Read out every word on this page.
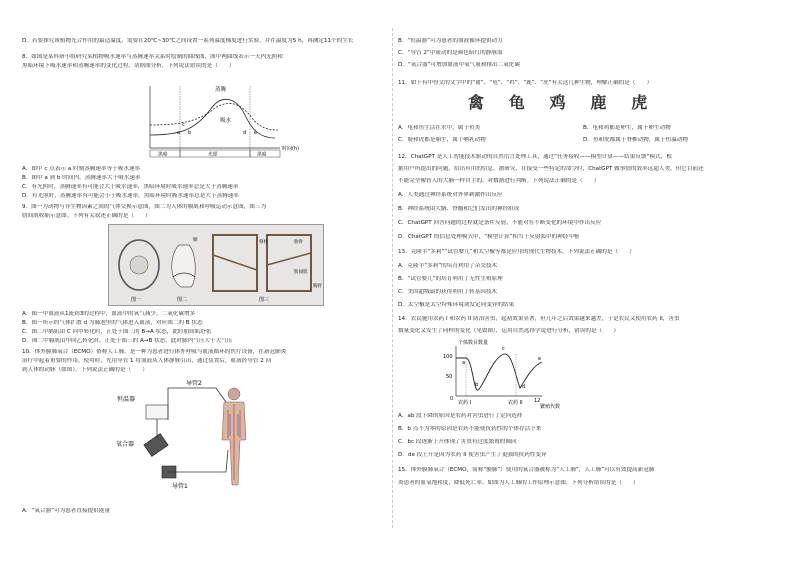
D．若要探究该植物光合作用的最适温度，需要在20℃~30℃之间设置一系列温度梯度进行实验，并在温度为5 h，再测定11个的生长
8．如图是某科研小组研究某植物吸水速率与蒸腾速率关系时绘制的曲线图，图中两曲线表示一天内光照和
黑暗环境下吸水速率和蒸腾速率的变化过程，请据图分析，下列说法错误的是（　　）
蒸腾
吸水
c
a b	d e
黑暗	光照	黑暗
时间(h)
A．图中 c 点表示 a 时刻蒸腾速率等于吸水速率
B．图中 a 到 b 时间内，蒸腾速率大于吸水速率
C．有光照时，蒸腾速率有可能会大于吸水速率，黑暗环境时吸水速率总是大于蒸腾速率
D．有光照时，蒸腾速率有可能会小于吸水速率，黑暗环境时吸水速率总是大于蒸腾速率
9．图一为动物与非生物因素之间的气体交换示意图，图二为人体的膈肌和呼吸运动示意图，图三为
肋间肌收缩示意图。下列有关叙述正确的是（　　）
图一	图二	图三
脊柱	肋骨
肋间肌
胸骨
肺
A．图一中血液从1流到3的过程中，血液中的氧气减少，二氧化碳增多
B．图一所示的气体扩散 d 为肺泡里的气体进入血液，对应图二的 B 状态
C．图二中膈肌由 C 向甲转化时，正处于图三的 B→A 状态，此时肋间肌舒张
D．图二中膈肌由甲向乙转化时，正处于图三的 A→B 状态，此时肺内气压大于大气压
10．体外膜肺氧合（ECMO）俗称人工肺，是一种为患者进行体外呼吸与血液循环的医疗设备，在新冠肺炎
治疗中起着重要的作用。使用时，先用导管 1 将血液从人体静脉引出，通过装置后，血液经导管 2 回
到人体的动脉（如图）。下列说法正确的是（　　）
恒温器
氧合器
导管2
导管1
A．“氧合器”可为患者直接提供能量
B．“恒温器”可为患者的血液循环提供动力
C．“导管 2”中流动的是颜色暗红的静脉血
D．“氧合器”可增加血液中氧气量和排出二氧化碳
11．如下有甲骨文的文字中的“禽”、“龟”、“鸡”、“鹿”、“虎”有关这几种生物，理解正确的是（　　）
禽 龟 鸡 鹿 虎
A．龟和鱼生活在水中，属于鱼类	B．龟和鸡都是卵生，属于卵生动物
C．鹿和虎都是胎生，属于哺乳动物	D．鱼和虎都属于脊椎动物，属于恒温动物
12．ChatGPT 是人工智能技术驱动的自然语言处理工具，通过“任务接收——模型计算——结果反馈”模式，根
据用户所提出的问题，给出有用的信息。据研究，在接受一些特定的命令时，ChatGPT 做事情的效率远超人类，但它目前还
不能完全像智人的大脑一样自主的、对数据进行判断。下列说法正确的是（　　）
A．人类通过神经系统对外界刺激作出反应
B．神经系统由大脑、脊髓和它们发出的神经组成
C．ChatGPT 回答问题的过程就是条件反射，不能对在不断变化的环境中作出反应
D．ChatGPT 的信息处理模式中，“模型计算”相当于反射弧中的神经中枢
13．克隆羊“多莉”“试管婴儿”和太空椒等都是应用的现代生物技术，下列说法正确的是（　　）
A．克隆羊“多莉”的培育利用了杂交技术
B．“试管婴儿”的培育利用了无性生殖原理
C．美国超级鼠的获得利用了转基因技术
D．太空椒是太空特殊环境诱发定向变异的结果
14．农民施用农药 I 和农药 II 防治害虫，起初效果显著，但几年之后效果越来越差，于是农民又使用农药 II，害虫
数量变化又发生了同样的变化（见如图），运用自然选择学说进行分析，错误的是（　　）
个体数目数量
100
50
0
a
b
c
d
e
农药 I	农药 II 12
繁殖代数
A．ab 段下降的原因是农药对害虫进行了定向选择
B．b 点不为零的原因是农药不能使抗药性的个体存活下来
C．bc 段逐渐上升体现了害虫有过度繁殖的倾向
D．de 段上升是因为农药 II 使害虫产生了更强的抗药性变异
15．体外膜肺氧合（ECMO，简称“膜肺”）使用的氧合器被称为“人工肺”，人工肺”可以有效提高新冠肺
炎患者的血氧饱和度，降低死亡率。如图为人工肺的工作原理示意图，下列分析错误的是（　　）
